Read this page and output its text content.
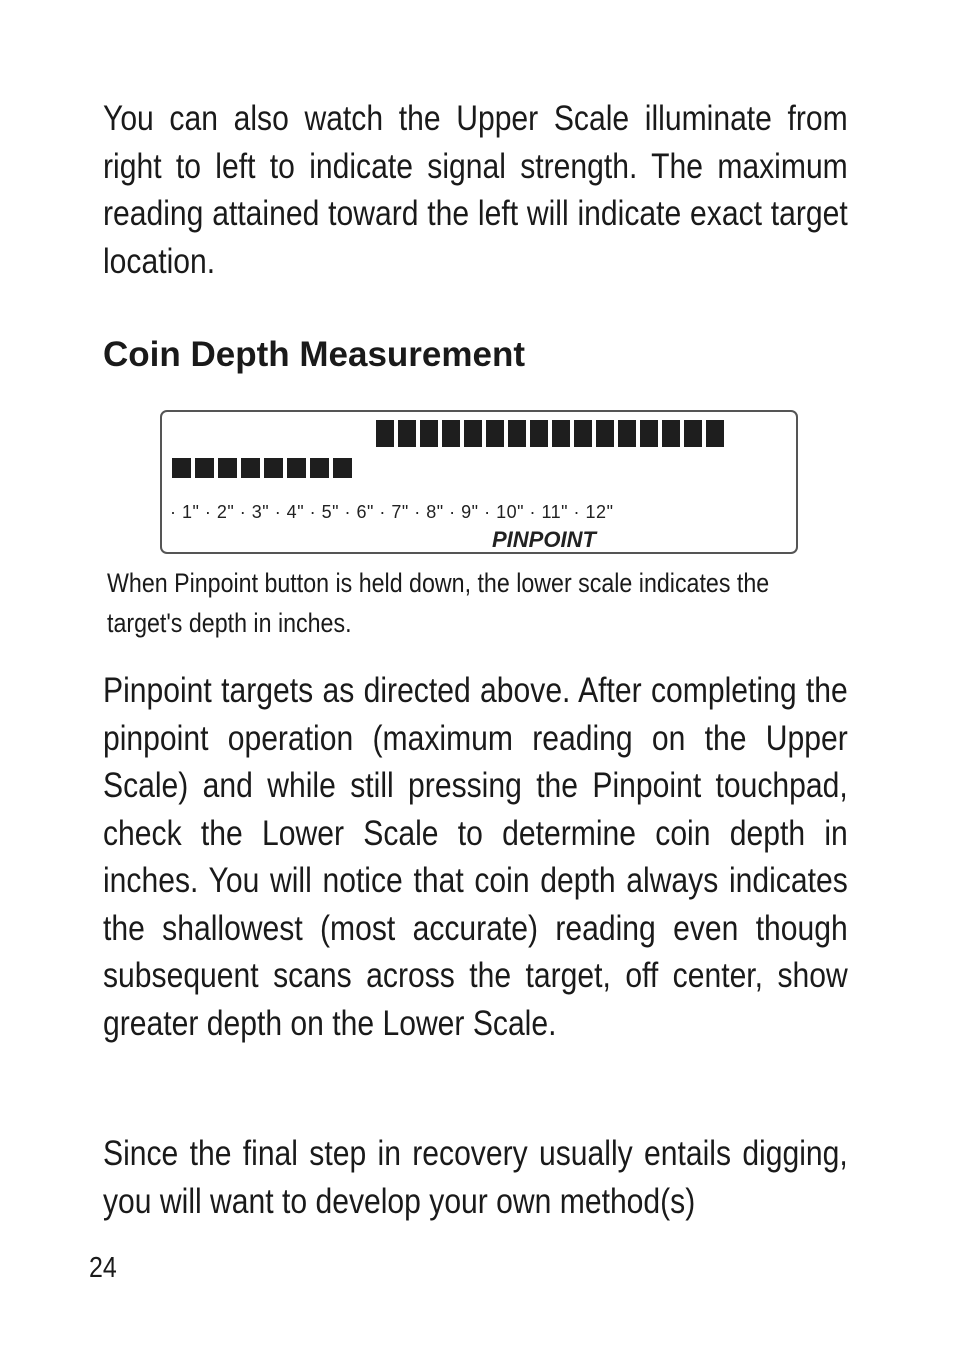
You can also watch the Upper Scale illuminate from right to left to indicate signal strength. The maximum reading attained toward the left will indicate exact target location.
Coin Depth Measurement
· 1" · 2" · 3" · 4" · 5" · 6" · 7" · 8" · 9" · 10" · 11" · 12"
PINPOINT
When Pinpoint button is held down, the lower scale indicates the target's depth in inches.
Pinpoint targets as directed above. After completing the pinpoint operation (maximum reading on the Upper Scale) and while still pressing the Pinpoint touchpad, check the Lower Scale to determine coin depth in inches. You will notice that coin depth always indicates the shallowest (most accurate) reading even though subsequent scans across the target, off center, show greater depth on the Lower Scale.
Since the final step in recovery usually entails digging, you will want to develop your own method(s)
24
